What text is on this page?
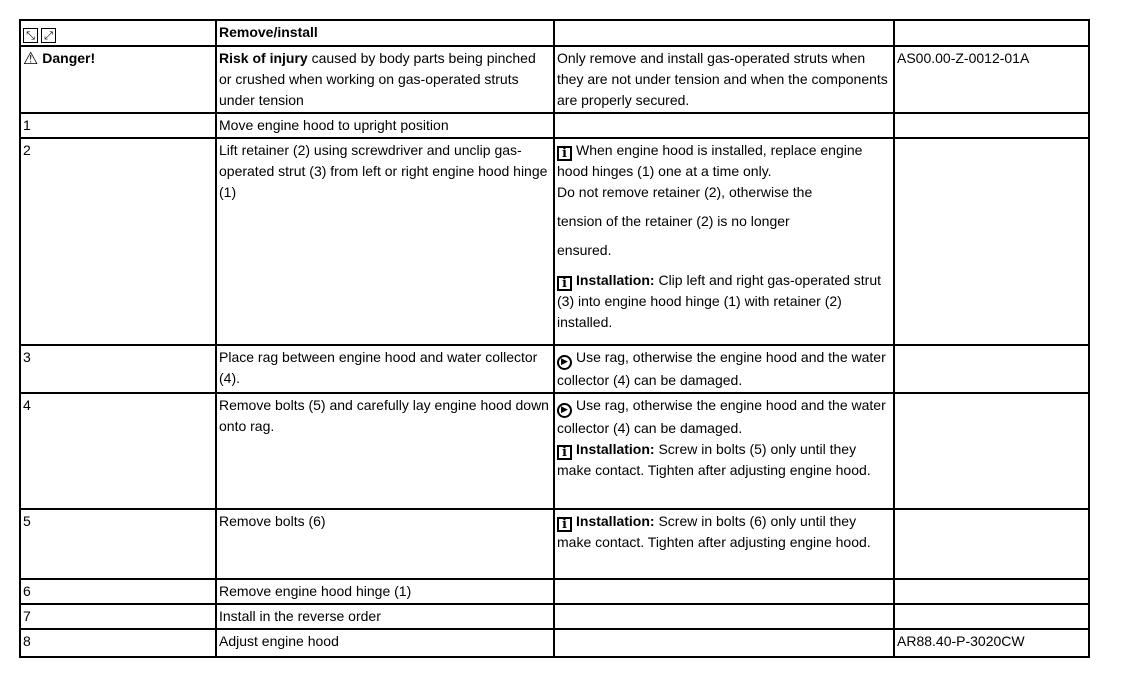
⤡ ⤢	Remove/install		
⚠ Danger!	Risk of injury caused by body parts being pinched or crushed when working on gas-operated struts under tension	Only remove and install gas-operated struts when they are not under tension and when the components are properly secured.	AS00.00-Z-0012-01A
1	Move engine hood to upright position		
2	Lift retainer (2) using screwdriver and unclip gas-operated strut (3) from left or right engine hood hinge (1)	i When engine hood is installed, replace engine hood hinges (1) one at a time only.
Do not remove retainer (2), otherwise the
tension of the retainer (2) is no longer
ensured.
i Installation: Clip left and right gas-operated strut (3) into engine hood hinge (1) with retainer (2) installed.	

3	Place rag between engine hood and water collector (4).	▶ Use rag, otherwise the engine hood and the water collector (4) can be damaged.	
4	Remove bolts (5) and carefully lay engine hood down onto rag.	▶ Use rag, otherwise the engine hood and the water collector (4) can be damaged.
i Installation: Screw in bolts (5) only until they make contact. Tighten after adjusting engine hood.	

5	Remove bolts (6)	i Installation: Screw in bolts (6) only until they make contact. Tighten after adjusting engine hood.	
6	Remove engine hood hinge (1)		
7	Install in the reverse order		
8	Adjust engine hood		AR88.40-P-3020CW
